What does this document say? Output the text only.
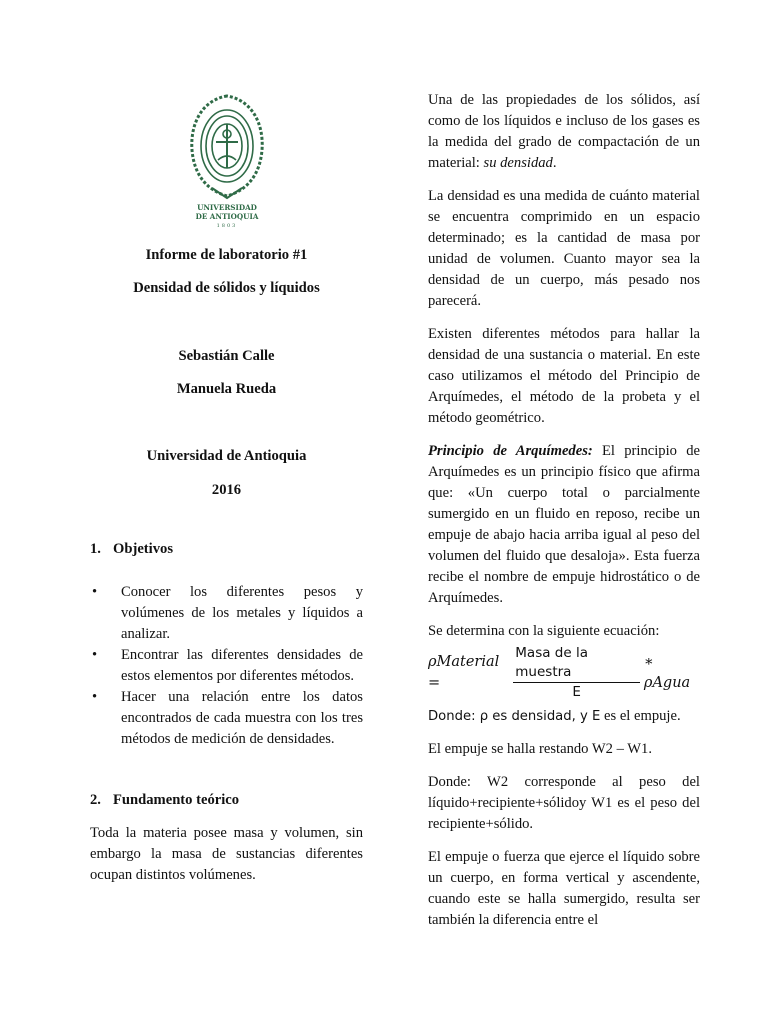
UNIVERSIDAD
DE ANTIOQUIA
1803

Informe de laboratorio #1

Densidad de sólidos y líquidos

Sebastián Calle

Manuela Rueda

Universidad de Antioquia

2016

1. Objetivos

• Conocer los diferentes pesos y volúmenes de los metales y líquidos a analizar.
• Encontrar las diferentes densidades de estos elementos por diferentes métodos.
• Hacer una relación entre los datos encontrados de cada muestra con los tres métodos de medición de densidades.

2. Fundamento teórico

Toda la materia posee masa y volumen, sin embargo la masa de sustancias diferentes ocupan distintos volúmenes.

Una de las propiedades de los sólidos, así como de los líquidos e incluso de los gases es la medida del grado de compactación de un material: su densidad.

La densidad es una medida de cuánto material se encuentra comprimido en un espacio determinado; es la cantidad de masa por unidad de volumen. Cuanto mayor sea la densidad de un cuerpo, más pesado nos parecerá.

Existen diferentes métodos para hallar la densidad de una sustancia o material. En este caso utilizamos el método del Principio de Arquímedes, el método de la probeta y el método geométrico.

Principio de Arquímedes: El principio de Arquímedes es un principio físico que afirma que: «Un cuerpo total o parcialmente sumergido en un fluido en reposo, recibe un empuje de abajo hacia arriba igual al peso del volumen del fluido que desaloja». Esta fuerza recibe el nombre de empuje hidrostático o de Arquímedes.

Se determina con la siguiente ecuación:

ρMaterial =	$\frac{\text{Masa de la muestra}}{E}$ ∗ ρAgua

Donde: ρ es densidad, y E es el empuje.

El empuje se halla restando W2 – W1.

Donde: W2 corresponde al peso del líquido+recipiente+sólidoy W1 es el peso del recipiente+sólido.

El empuje o fuerza que ejerce el líquido sobre un cuerpo, en forma vertical y ascendente, cuando este se halla sumergido, resulta ser también la diferencia entre el
